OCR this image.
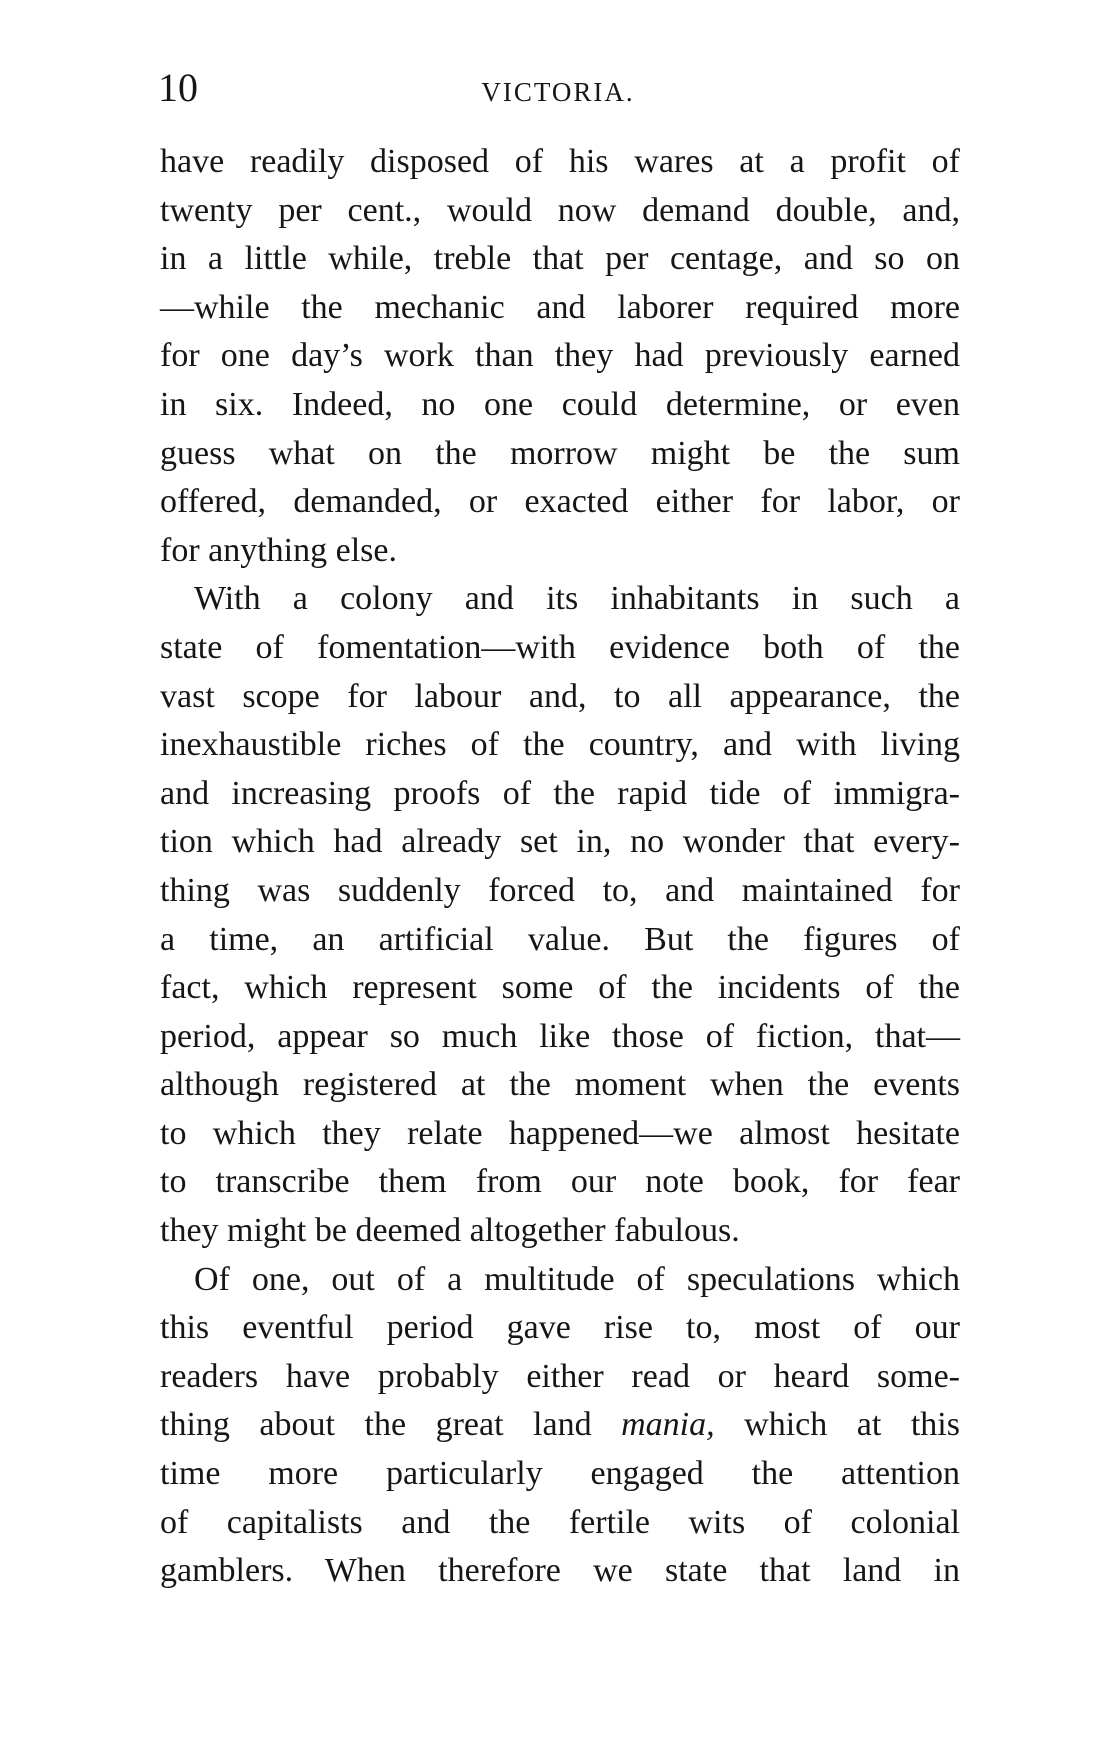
10	VICTORIA.
have readily disposed of his wares at a profit of
twenty per cent., would now demand double, and,
in a little while, treble that per centage, and so on
—while the mechanic and laborer required more
for one day’s work than they had previously earned
in six. Indeed, no one could determine, or even
guess what on the morrow might be the sum
offered, demanded, or exacted either for labor, or
for anything else.
With a colony and its inhabitants in such a
state of fomentation—with evidence both of the
vast scope for labour and, to all appearance, the
inexhaustible riches of the country, and with living
and increasing proofs of the rapid tide of immigra-
tion which had already set in, no wonder that every-
thing was suddenly forced to, and maintained for
a time, an artificial value. But the figures of
fact, which represent some of the incidents of the
period, appear so much like those of fiction, that—
although registered at the moment when the events
to which they relate happened—we almost hesitate
to transcribe them from our note book, for fear
they might be deemed altogether fabulous.
Of one, out of a multitude of speculations which
this eventful period gave rise to, most of our
readers have probably either read or heard some-
thing about the great land mania, which at this
time more particularly engaged the attention
of capitalists and the fertile wits of colonial
gamblers. When therefore we state that land in
